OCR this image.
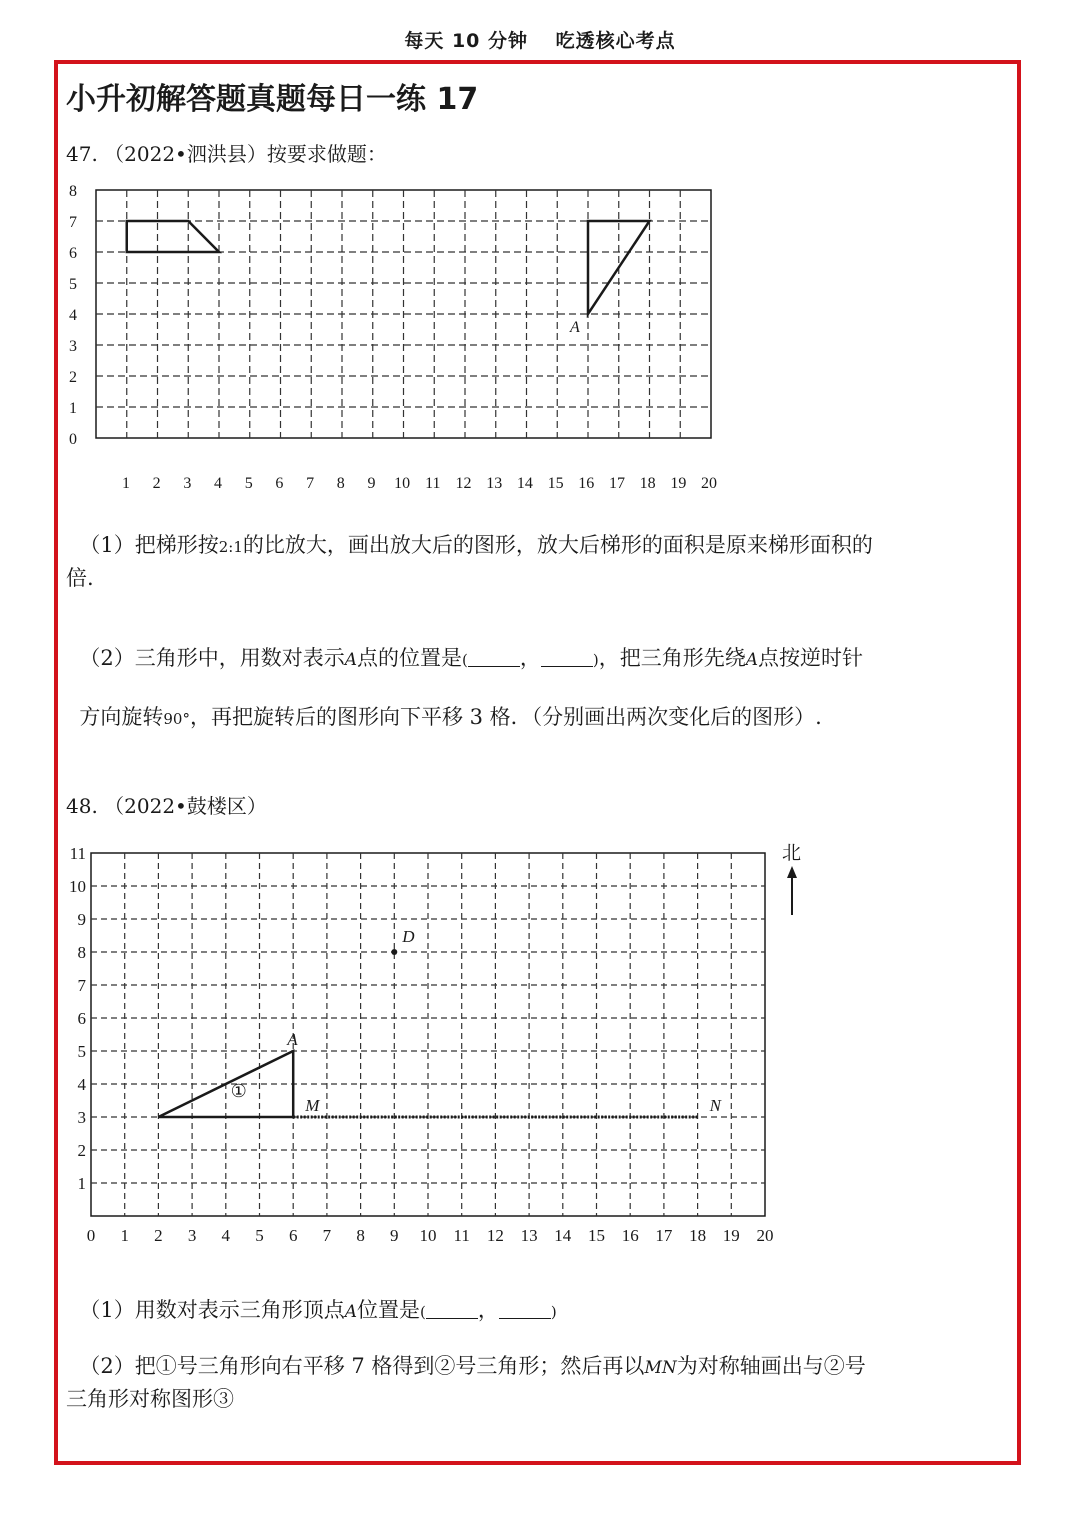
每天 10 分钟　 吃透核心考点
小升初解答题真题每日一练 17
47. （2022•泗洪县）按要求做题：
0
1
2
3
4
5
6
7
8
1 2 3 4 5 6 7 8 9 10 11 12 13 14 15 16 17 18 19 20
A

（1）把梯形按2:1的比放大，画出放大后的图形，放大后梯形的面积是原来梯形面积的

倍.

（2）三角形中，用数对表示A点的位置是( ，	)，把三角形先绕A点按逆时针

方向旋转90°，再把旋转后的图形向下平移 3 格．（分别画出两次变化后的图形）.

48. （2022•鼓楼区）
1
2
3
4
5
6
7
8
9
10
11
0 1 2 3 4 5 6 7 8 9 10 11 12 13 14 15 16 17 18 19 20
A
D
M	N
①
北

（1）用数对表示三角形顶点A位置是( ，	)

（2）把①号三角形向右平移 7 格得到②号三角形；然后再以MN为对称轴画出与②号

三角形对称图形③
